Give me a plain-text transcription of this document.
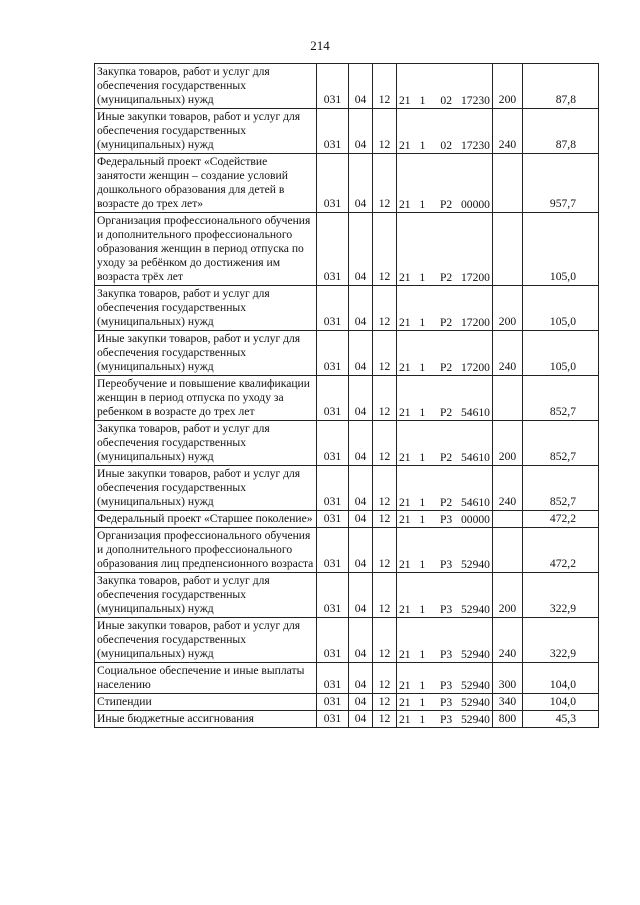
214
Закупка товаров, работ и услуг для обеспечения государственных (муниципальных) нужд	031	04	12	21 1 02 17230	200	87,8
Иные закупки товаров, работ и услуг для обеспечения государственных (муниципальных) нужд	031	04	12	21 1 02 17230	240	87,8
Федеральный проект «Содействие занятости женщин – создание условий дошкольного образования для детей в возрасте до трех лет»	031	04	12	21 1 Р2 00000		957,7
Организация профессионального обучения и дополнительного профессионального образования женщин в период отпуска по уходу за ребёнком до достижения им возраста трёх лет	031	04	12	21 1 Р2 17200		105,0
Закупка товаров, работ и услуг для обеспечения государственных (муниципальных) нужд	031	04	12	21 1 Р2 17200	200	105,0
Иные закупки товаров, работ и услуг для обеспечения государственных (муниципальных) нужд	031	04	12	21 1 Р2 17200	240	105,0
Переобучение и повышение квалификации женщин в период отпуска по уходу за ребенком в возрасте до трех лет	031	04	12	21 1 Р2 54610		852,7
Закупка товаров, работ и услуг для обеспечения государственных (муниципальных) нужд	031	04	12	21 1 Р2 54610	200	852,7
Иные закупки товаров, работ и услуг для обеспечения государственных (муниципальных) нужд	031	04	12	21 1 Р2 54610	240	852,7
Федеральный проект «Старшее поколение»	031	04	12	21 1 Р3 00000		472,2
Организация профессионального обучения и дополнительного профессионального образования лиц предпенсионного возраста	031	04	12	21 1 Р3 52940		472,2
Закупка товаров, работ и услуг для обеспечения государственных (муниципальных) нужд	031	04	12	21 1 Р3 52940	200	322,9
Иные закупки товаров, работ и услуг для обеспечения государственных (муниципальных) нужд	031	04	12	21 1 Р3 52940	240	322,9
Социальное обеспечение и иные выплаты населению	031	04	12	21 1 Р3 52940	300	104,0
Стипендии	031	04	12	21 1 Р3 52940	340	104,0
Иные бюджетные ассигнования	031	04	12	21 1 Р3 52940	800	45,3
